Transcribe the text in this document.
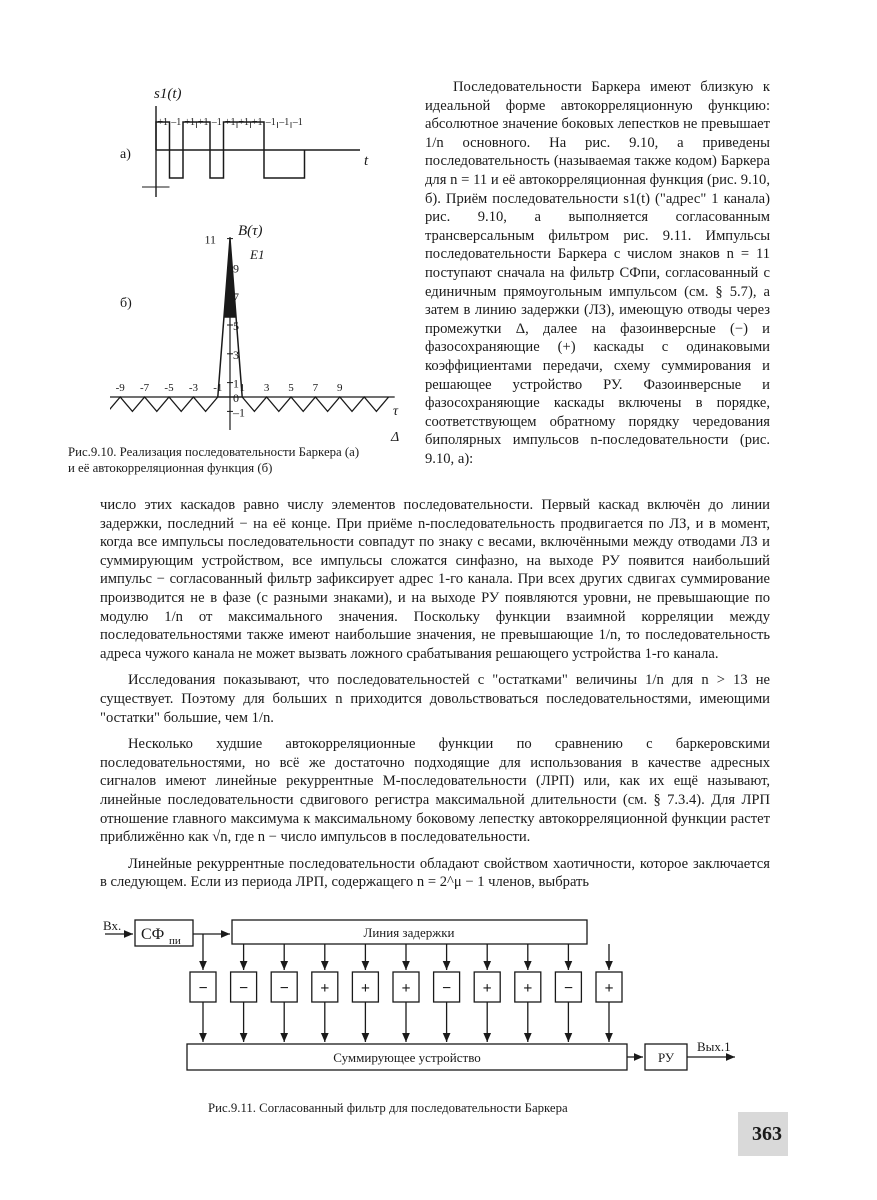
а)
s1(t)
t
+1 –1 +1 +1 –1 +1 +1 +1 –1 –1 –1
б)
B(τ)
E1
τ
Δ
11
9
7
5
3
1
0
–1
-9 -7 -5 -3 -1 1 3 5 7 9
Рис.9.10. Реализация последовательности Баркера (а)
и её автокорреляционная функция (б)

Последовательности Баркера имеют близкую к идеальной форме автокорреляционную функцию: абсолютное значение боковых лепестков не превышает 1/n основного. На рис. 9.10, а приведены последовательность (называемая также кодом) Баркера для n = 11 и её автокорреляционная функция (рис. 9.10, б). Приём последовательности s1(t) ("адрес" 1 канала) рис. 9.10, а выполняется согласованным трансверсальным фильтром рис. 9.11. Импульсы последовательности Баркера с числом знаков n = 11 поступают сначала на фильтр СФпи, согласованный с единичным прямоугольным импульсом (см. § 5.7), а затем в линию задержки (ЛЗ), имеющую отводы через промежутки Δ, далее на фазоинверсные (−) и фазосохраняющие (+) каскады с одинаковыми коэффициентами передачи, схему суммирования и решающее устройство РУ. Фазоинверсные и фазосохраняющие каскады включены в порядке, соответствующем обратному порядку чередования биполярных импульсов n-последовательности (рис. 9.10, а):

число этих каскадов равно числу элементов последовательности. Первый каскад включён до линии задержки, последний − на её конце. При приёме n-последовательность продвигается по ЛЗ, и в момент, когда все импульсы последовательности совпадут по знаку с весами, включёнными между отводами ЛЗ и суммирующим устройством, все импульсы сложатся синфазно, на выходе РУ появится наибольший импульс − согласованный фильтр зафиксирует адрес 1-го канала. При всех других сдвигах суммирование производится не в фазе (с разными знаками), и на выходе РУ появляются уровни, не превышающие по модулю 1/n от максимального значения. Поскольку функции взаимной корреляции между последовательностями также имеют наибольшие значения, не превышающие 1/n, то последовательность адреса чужого канала не может вызвать ложного срабатывания решающего устройства 1-го канала.

Исследования показывают, что последовательностей с "остатками" величины 1/n для n > 13 не существует. Поэтому для больших n приходится довольствоваться последовательностями, имеющими "остатки" большие, чем 1/n.

Несколько худшие автокорреляционные функции по сравнению с баркеровскими последовательностями, но всё же достаточно подходящие для использования в качестве адресных сигналов имеют линейные рекуррентные M-последовательности (ЛРП) или, как их ещё называют, линейные последовательности сдвигового регистра максимальной длительности (см. § 7.3.4). Для ЛРП отношение главного максимума к максимальному боковому лепестку автокорреляционной функции растет приближённо как √n, где n − число импульсов в последовательности.

Линейные рекуррентные последовательности обладают свойством хаотичности, которое заключается в следующем. Если из периода ЛРП, содержащего n = 2^μ − 1 членов, выбрать

Вх.
СФ пи
Линия задержки
− − − + + + − + + − +
Суммирующее устройство	РУ
Вых.1
Рис.9.11. Согласованный фильтр для последовательности Баркера
363
